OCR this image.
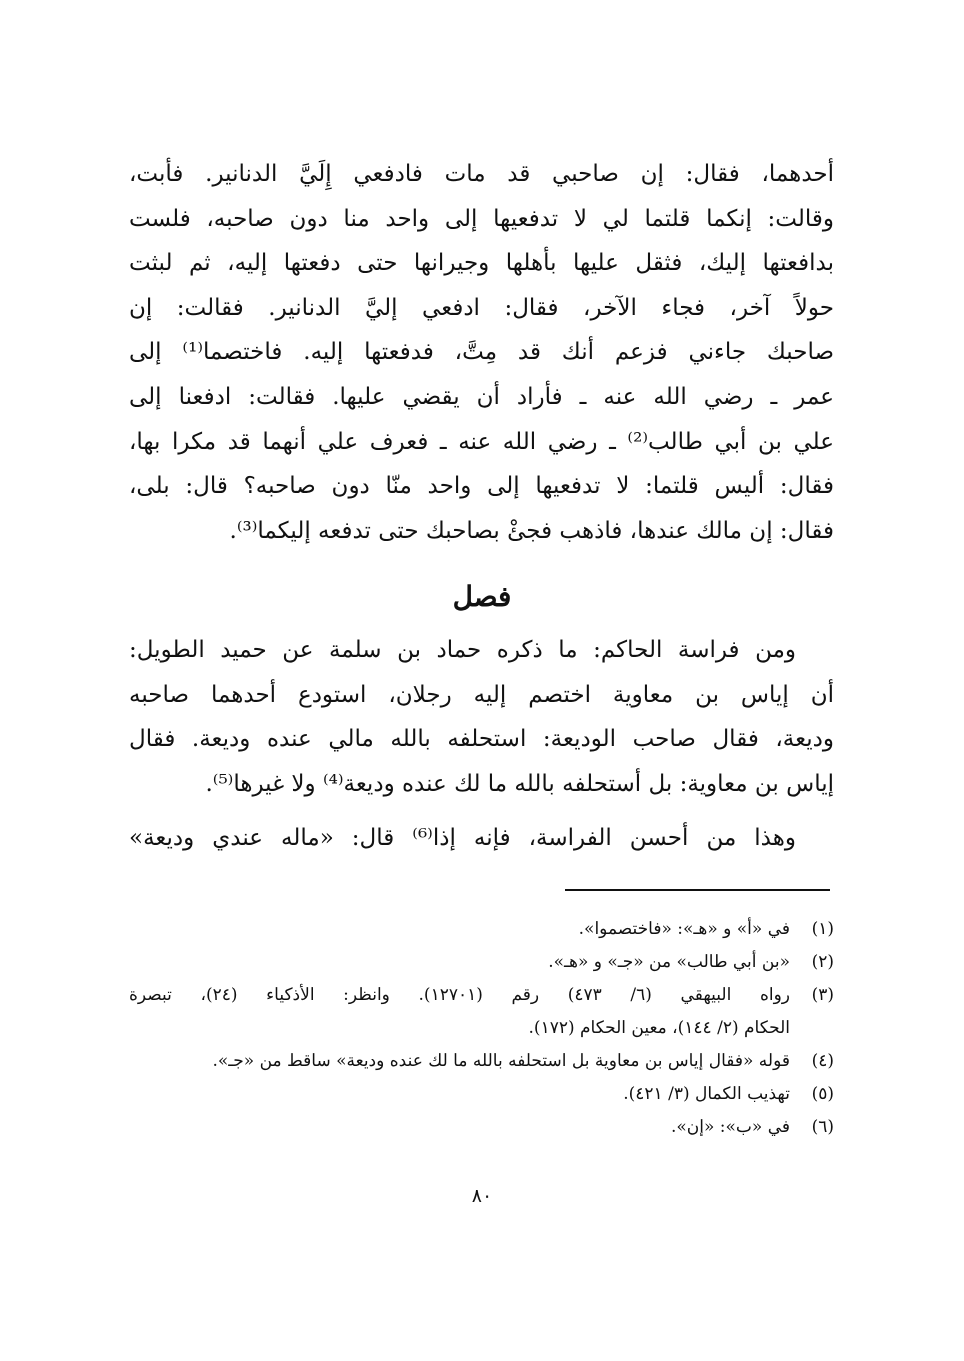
أحدهما، فقال: إن صاحبي قد مات فادفعي إِلَيَّ الدنانير. فأبت،
وقالت: إنكما قلتما لي لا تدفعيها إلى واحد منا دون صاحبه، فلست
بدافعتها إليك، فثقل عليها بأهلها وجيرانها حتى دفعتها إليه، ثم لبثت
حولاً آخر، فجاء الآخر، فقال: ادفعي إليَّ الدنانير. فقالت: إن
صاحبك جاءني فزعم أنك قد مِتَّ، فدفعتها إليه. فاختصما⁽¹⁾ إلى
عمر ـ رضي الله عنه ـ فأراد أن يقضي عليها. فقالت: ادفعنا إلى
علي بن أبي طالب⁽²⁾ ـ رضي الله عنه ـ فعرف علي أنهما قد مكرا بها،
فقال: أليس قلتما: لا تدفعيها إلى واحد منّا دون صاحبه؟ قال: بلى،
فقال: إن مالك عندها، فاذهب فجئْ بصاحبك حتى تدفعه إليكما⁽³⁾.
فصل
ومن فراسة الحاكم: ما ذكره حماد بن سلمة عن حميد الطويل:
أن إياس بن معاوية اختصم إليه رجلان، استودع أحدهما صاحبه
وديعة، فقال صاحب الوديعة: استحلفه بالله مالي عنده وديعة. فقال
إياس بن معاوية: بل أستحلفه بالله ما لك عنده وديعة⁽⁴⁾ ولا غيرها⁽⁵⁾.
وهذا من أحسن الفراسة، فإنه إذا⁽⁶⁾ قال: «ماله عندي وديعة»
(١)
في «أ» و «هـ»: «فاختصموا».
(٢)
«بن أبي طالب» من «جـ» و «هـ».
(٣)
رواه البيهقي (٦/ ٤٧٣) رقم (١٢٧٠١). وانظر: الأذكياء (٢٤)، تبصرة
الحكام (٢/ ١٤٤)، معين الحكام (١٧٢).
(٤)
قوله «فقال إياس بن معاوية بل استحلفه بالله ما لك عنده وديعة» ساقط من «جـ».
(٥)
تهذيب الكمال (٣/ ٤٢١).
(٦)
في «ب»: «إن».
٨٠
